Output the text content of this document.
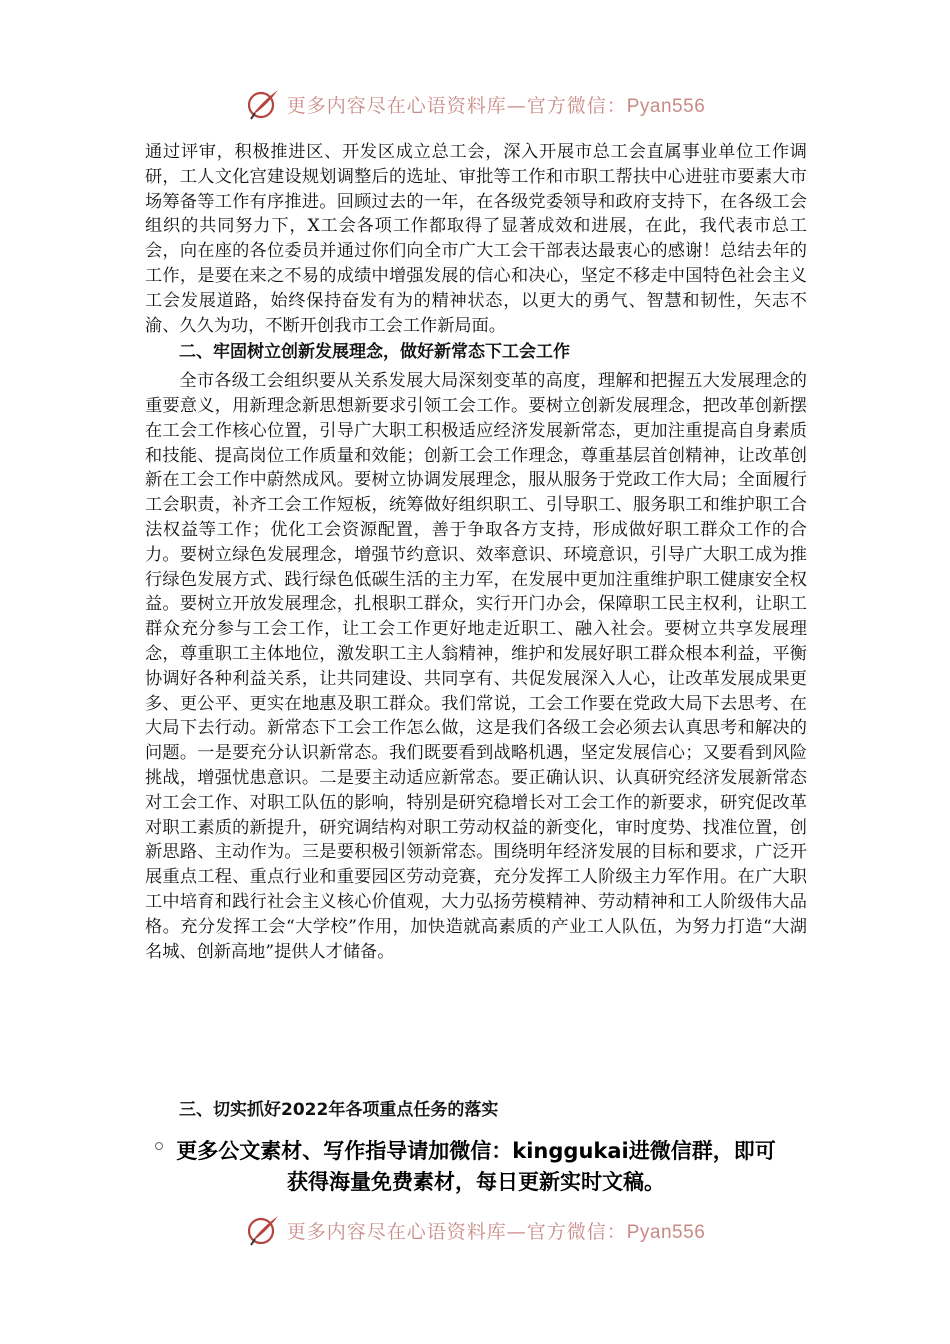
更多内容尽在心语资料库—官方微信：Pyan556

通过评审，积极推进区、开发区成立总工会，深入开展市总工会直属事业单位工作调研，工人文化宫建设规划调整后的选址、审批等工作和市职工帮扶中心进驻市要素大市场筹备等工作有序推进。回顾过去的一年，在各级党委领导和政府支持下，在各级工会组织的共同努力下，X工会各项工作都取得了显著成效和进展，在此，我代表市总工会，向在座的各位委员并通过你们向全市广大工会干部表达最衷心的感谢！总结去年的工作，是要在来之不易的成绩中增强发展的信心和决心，坚定不移走中国特色社会主义工会发展道路，始终保持奋发有为的精神状态，以更大的勇气、智慧和韧性，矢志不渝、久久为功，不断开创我市工会工作新局面。

二、牢固树立创新发展理念，做好新常态下工会工作

全市各级工会组织要从关系发展大局深刻变革的高度，理解和把握五大发展理念的重要意义，用新理念新思想新要求引领工会工作。要树立创新发展理念，把改革创新摆在工会工作核心位置，引导广大职工积极适应经济发展新常态，更加注重提高自身素质和技能、提高岗位工作质量和效能；创新工会工作理念，尊重基层首创精神，让改革创新在工会工作中蔚然成风。要树立协调发展理念，服从服务于党政工作大局；全面履行工会职责，补齐工会工作短板，统筹做好组织职工、引导职工、服务职工和维护职工合法权益等工作；优化工会资源配置，善于争取各方支持，形成做好职工群众工作的合力。要树立绿色发展理念，增强节约意识、效率意识、环境意识，引导广大职工成为推行绿色发展方式、践行绿色低碳生活的主力军，在发展中更加注重维护职工健康安全权益。要树立开放发展理念，扎根职工群众，实行开门办会，保障职工民主权利，让职工群众充分参与工会工作，让工会工作更好地走近职工、融入社会。要树立共享发展理念，尊重职工主体地位，激发职工主人翁精神，维护和发展好职工群众根本利益，平衡协调好各种利益关系，让共同建设、共同享有、共促发展深入人心，让改革发展成果更多、更公平、更实在地惠及职工群众。我们常说，工会工作要在党政大局下去思考、在大局下去行动。新常态下工会工作怎么做，这是我们各级工会必须去认真思考和解决的问题。一是要充分认识新常态。我们既要看到战略机遇，坚定发展信心；又要看到风险挑战，增强忧患意识。二是要主动适应新常态。要正确认识、认真研究经济发展新常态对工会工作、对职工队伍的影响，特别是研究稳增长对工会工作的新要求，研究促改革对职工素质的新提升，研究调结构对职工劳动权益的新变化，审时度势、找准位置，创新思路、主动作为。三是要积极引领新常态。围绕明年经济发展的目标和要求，广泛开展重点工程、重点行业和重要园区劳动竞赛，充分发挥工人阶级主力军作用。在广大职工中培育和践行社会主义核心价值观，大力弘扬劳模精神、劳动精神和工人阶级伟大品格。充分发挥工会“大学校”作用，加快造就高素质的产业工人队伍，为努力打造“大湖名城、创新高地”提供人才储备。

三、切实抓好2022年各项重点任务的落实

更多公文素材、写作指导请加微信：kinggukai进微信群，即可
获得海量免费素材，每日更新实时文稿。
更多内容尽在心语资料库—官方微信：Pyan556
